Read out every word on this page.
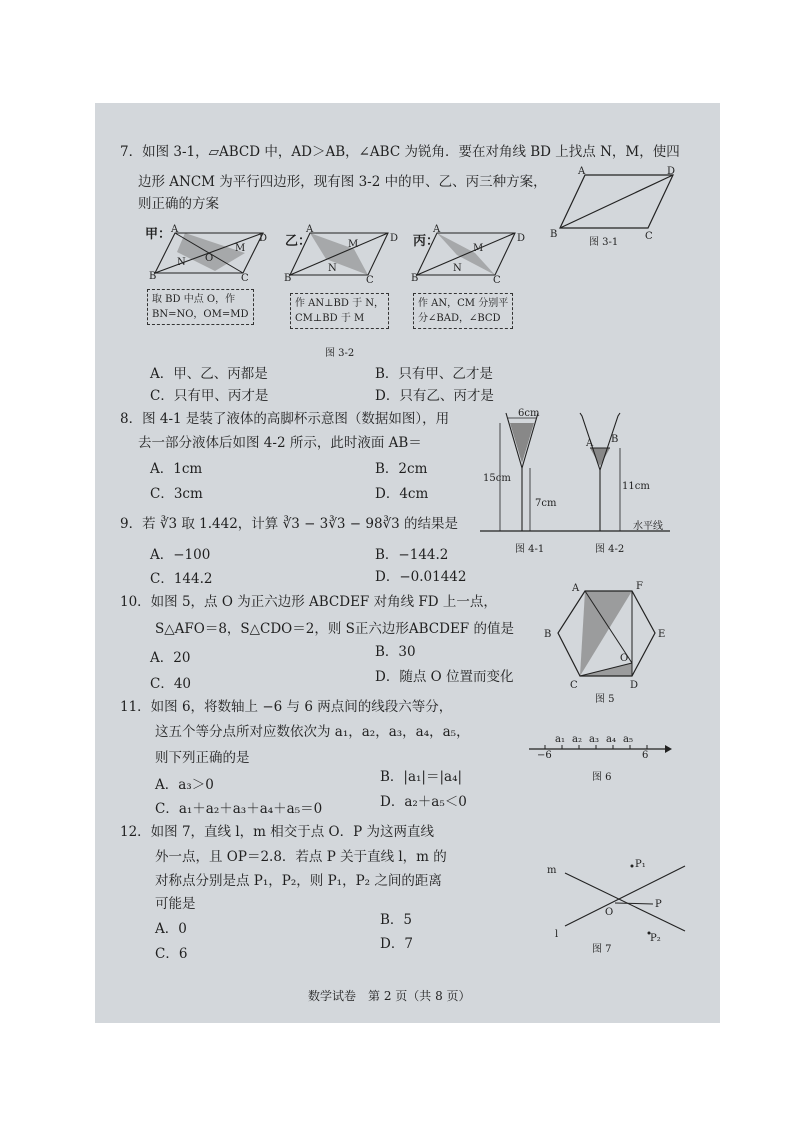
7．如图 3-1，▱ABCD 中，AD＞AB，∠ABC 为锐角．要在对角线 BD 上找点 N，M，使四
边形 ANCM 为平行四边形，现有图 3-2 中的甲、乙、丙三种方案，
则正确的方案
A	D
B	C
图 3-1
甲：	乙：	丙：
A
D
B	C
O
N
M
A
D
B	C
N
M
A
D
B	C
N
M
取 BD 中点 O，作
BN=NO，OM=MD
作 AN⊥BD 于 N，
CM⊥BD 于 M
作 AN，CM 分别平
分∠BAD，∠BCD
图 3-2
A．甲、乙、丙都是	B．只有甲、乙才是
C．只有甲、丙才是	D．只有乙、丙才是
8．图 4-1 是装了液体的高脚杯示意图（数据如图），用
去一部分液体后如图 4-2 所示，此时液面 AB＝
A．1cm	B．2cm
C．3cm	D．4cm
A B
6cm
15cm
7cm
11cm
水平线
图 4-1	图 4-2
9．若 ∛3 取 1.442，计算 ∛3 − 3∛3 − 98∛3 的结果是
A．−100	B．−144.2
C．144.2	D．−0.01442
10．如图 5，点 O 为正六边形 ABCDEF 对角线 FD 上一点，
S△AFO＝8，S△CDO＝2，则 S正六边形ABCDEF 的值是
A．20	B．30
C．40	D．随点 O 位置而变化
A	F
B	E
C	D
O
图 5
11．如图 6，将数轴上 −6 与 6 两点间的线段六等分，
这五个等分点所对应数依次为 a₁，a₂，a₃，a₄，a₅，
则下列正确的是
A．a₃＞0	B．|a₁|＝|a₄|
C．a₁＋a₂＋a₃＋a₄＋a₅＝0	D．a₂＋a₅＜0
a₁ a₂ a₃ a₄ a₅
−6	6
图 6
12．如图 7，直线 l，m 相交于点 O．P 为这两直线
外一点，且 OP＝2.8．若点 P 关于直线 l，m 的
对称点分别是点 P₁，P₂，则 P₁，P₂ 之间的距离
可能是
A．0
B．5
C．6
D．7
m
l
O
P
P₁
P₂
图 7
数学试卷　第 2 页（共 8 页）
